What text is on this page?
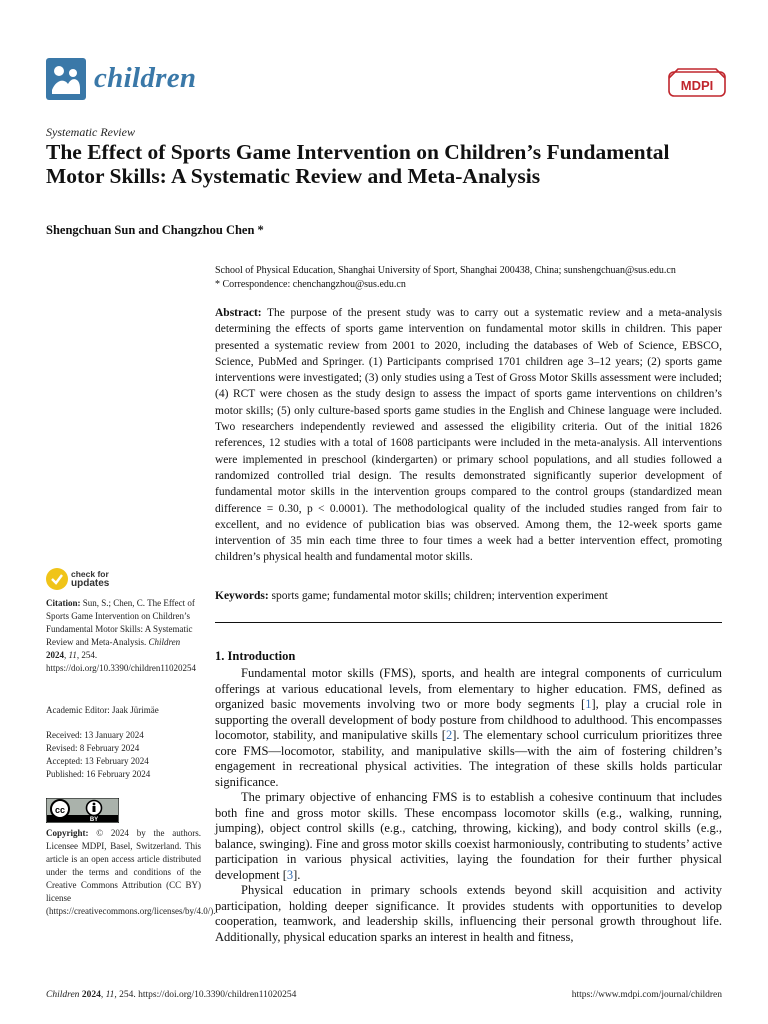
children	MDPI
Systematic Review
The Effect of Sports Game Intervention on Children’s Fundamental Motor Skills: A Systematic Review and Meta-Analysis
Shengchuan Sun and Changzhou Chen *
School of Physical Education, Shanghai University of Sport, Shanghai 200438, China; sunshengchuan@sus.edu.cn
* Correspondence: chenchangzhou@sus.edu.cn
Abstract: The purpose of the present study was to carry out a systematic review and a meta-analysis determining the effects of sports game intervention on fundamental motor skills in children. This paper presented a systematic review from 2001 to 2020, including the databases of Web of Science, EBSCO, Science, PubMed and Springer. (1) Participants comprised 1701 children age 3–12 years; (2) sports game interventions were investigated; (3) only studies using a Test of Gross Motor Skills assessment were included; (4) RCT were chosen as the study design to assess the impact of sports game interventions on children’s motor skills; (5) only culture-based sports game studies in the English and Chinese language were included. Two researchers independently reviewed and assessed the eligibility criteria. Out of the initial 1826 references, 12 studies with a total of 1608 participants were included in the meta-analysis. All interventions were implemented in preschool (kindergarten) or primary school populations, and all studies followed a randomized controlled trial design. The results demonstrated significantly superior development of fundamental motor skills in the intervention groups compared to the control groups (standardized mean difference = 0.30, p < 0.0001). The methodological quality of the included studies ranged from fair to excellent, and no evidence of publication bias was observed. Among them, the 12-week sports game intervention of 35 min each time three to four times a week had a better intervention effect, promoting children’s physical health and fundamental motor skills.
Keywords: sports game; fundamental motor skills; children; intervention experiment
1. Introduction

Fundamental motor skills (FMS), sports, and health are integral components of curriculum offerings at various educational levels, from elementary to higher education. FMS, defined as organized basic movements involving two or more body segments [1], play a crucial role in supporting the overall development of body posture from childhood to adulthood. This encompasses locomotor, stability, and manipulative skills [2]. The elementary school curriculum prioritizes three core FMS—locomotor, stability, and manipulative skills—with the aim of fostering children’s engagement in recreational physical activities. The integration of these skills holds particular significance.

The primary objective of enhancing FMS is to establish a cohesive continuum that includes both fine and gross motor skills. These encompass locomotor skills (e.g., walking, running, jumping), object control skills (e.g., catching, throwing, kicking), and body control skills (e.g., balance, swinging). Fine and gross motor skills coexist harmoniously, contributing to students’ active participation in various physical activities, laying the foundation for their further physical development [3].

Physical education in primary schools extends beyond skill acquisition and activity participation, holding deeper significance. It provides students with opportunities to develop cooperation, teamwork, and leadership skills, influencing their personal growth throughout life. Additionally, physical education sparks an interest in health and fitness,

check for
updates
Citation: Sun, S.; Chen, C. The Effect of Sports Game Intervention on Children’s Fundamental Motor Skills: A Systematic Review and Meta-Analysis. Children 2024, 11, 254. https://doi.org/10.3390/children11020254
Academic Editor: Jaak Jürimäe
Received: 13 January 2024
Revised: 8 February 2024
Accepted: 13 February 2024
Published: 16 February 2024
cc
BY
Copyright: © 2024 by the authors. Licensee MDPI, Basel, Switzerland. This article is an open access article distributed under the terms and conditions of the Creative Commons Attribution (CC BY) license (https://creativecommons.org/licenses/by/4.0/).
Children 2024, 11, 254. https://doi.org/10.3390/children11020254	https://www.mdpi.com/journal/children
